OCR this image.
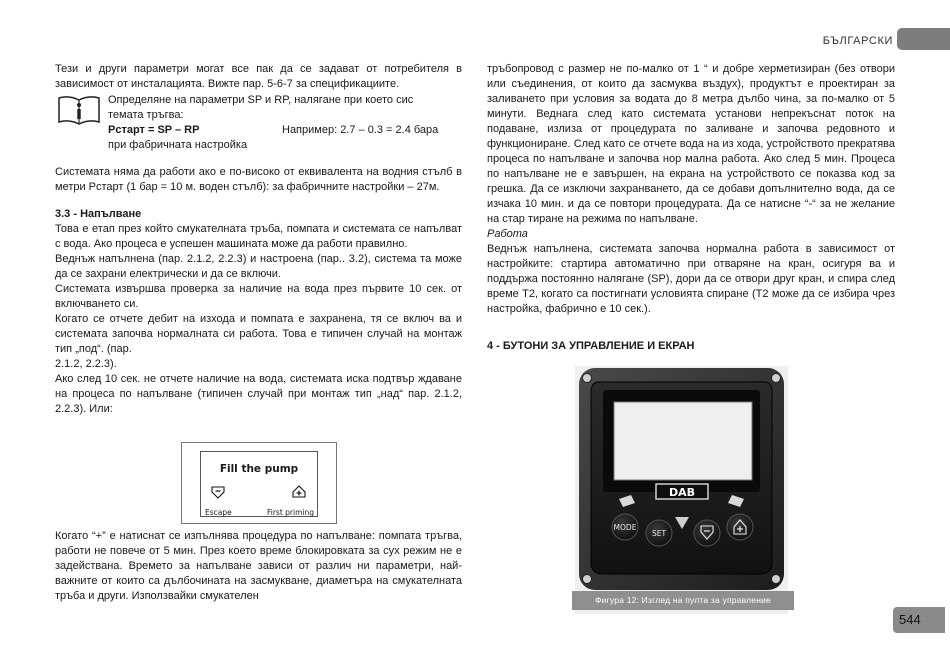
БЪЛГАРСКИ

Тези и други параметри могат все пак да се задават от потребителя в зависимост от инсталацията. Вижте пар. 5-6-7 за спецификациите.

Определяне на параметри SP и RP, налягане при което сис
темата тръгва:
Pстарт = SP – RP	Например: 2.7 – 0.3 = 2.4 бара
при фабричната настройка

Системата няма да работи ако е по-високо от еквивалента на водния стълб в метри Pстарт (1 бар = 10 м. воден стълб): за фабричните настройки – 27м.

3.3 - Напълване

Това е етап през който смукателната тръба, помпата и системата се напълват с вода. Ако процеса е успешен машината може да работи правилно.

Веднъж напълнена (пар. 2.1.2, 2.2.3) и настроена (пар.. 3.2), система та може да се захрани електрически и да се включи.

Системата извършва проверка за наличие на вода през първите 10 сек. от включването си.

Когато се отчете дебит на изхода и помпата е захранена, тя се включ ва и системата започва нормалната си работа. Това е типичен случай на монтаж тип „под“. (пар.

2.1.2, 2.2.3).

Ако след 10 сек. не отчете наличие на вода, системата иска подтвър ждаване на процеса по напълване (типичен случай при монтаж тип „над“ пар. 2.1.2, 2.2.3). Или:

Fill the pump
Escape	First priming

Когато “+” е натиснат се изпълнява процедура по напълване: помпата тръгва, работи не повече от 5 мин. През което време блокировката за сух режим не е задействана. Времето за напълване зависи от различ ни параметри, най-важните от които са дълбочината на засмукване, диаметъра на смукателната тръба и други. Използвайки смукателен

тръбопровод с размер не по-малко от 1 “ и добре херметизиран (без отвори или съединения, от които да засмуква въздух), продуктът е проектиран за заливането при условия за водата до 8 метра дълбо чина, за по-малко от 5 минути. Веднага след като системата установи непрекъснат поток на подаване, излиза от процедурата по заливане и започва редовното и функциониране. След като се отчете вода на из хода, устройството прекратява процеса по напълване и започва нор мална работа. Ако след 5 мин. Процеса по напълване не е завършен, на екрана на устройството се показва код за грешка. Да се изключи захранването, да се добави допълнително вода, да се изчака 10 мин. и да се повтори процедурата. Да се натисне “-“ за не желание на стар тиране на режима по напълване.

Работа

Веднъж напълнена, системата започва нормална работа в зависимост от настройките: стартира автоматично при отваряне на кран, осигуря ва и поддържа постоянно налягане (SP), дори да се отвори друг кран, и спира след време T2, когато са постигнати условията спиране (T2 може да се избира чрез настройка, фабрично е 10 сек.).

4 - БУТОНИ ЗА УПРАВЛЕНИЕ И ЕКРАН

DAB
MODE
SET
Фигура 12: Изглед на пулта за управление
544
